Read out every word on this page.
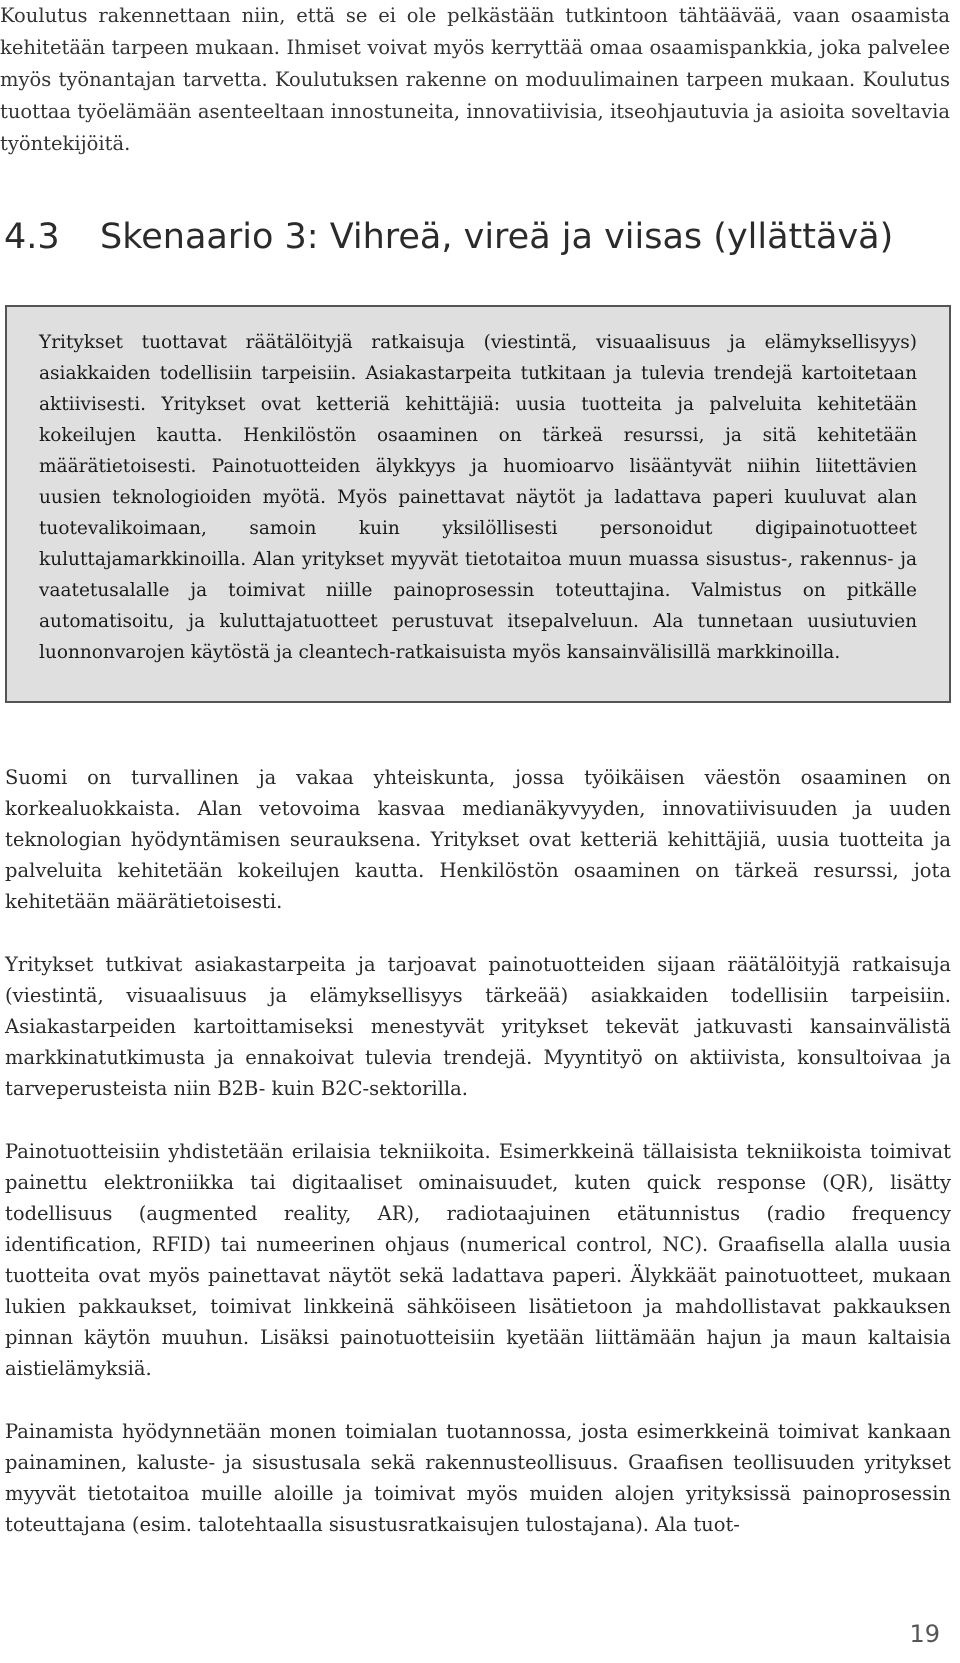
Koulutus rakennettaan niin, että se ei ole pelkästään tutkintoon tähtäävää, vaan osaamista kehitetään tarpeen mukaan. Ihmiset voivat myös kerryttää omaa osaamispankkia, joka palvelee myös työnantajan tarvetta. Koulutuksen rakenne on moduulimainen tarpeen mukaan. Koulutus tuottaa työelämään asenteeltaan innostuneita, innovatiivisia, itseohjautuvia ja asioita soveltavia työntekijöitä.

4.3 Skenaario 3: Vihreä, vireä ja viisas (yllättävä)

Yritykset tuottavat räätälöityjä ratkaisuja (viestintä, visuaalisuus ja elämyksellisyys) asiakkaiden todellisiin tarpeisiin. Asiakastarpeita tutkitaan ja tulevia trendejä kartoitetaan aktiivisesti. Yritykset ovat ketteriä kehittäjiä: uusia tuotteita ja palveluita kehitetään kokeilujen kautta. Henkilöstön osaaminen on tärkeä resurssi, ja sitä kehitetään määrätietoisesti. Painotuotteiden älykkyys ja huomioarvo lisääntyvät niihin liitettävien uusien teknologioiden myötä. Myös painettavat näytöt ja ladattava paperi kuuluvat alan tuotevalikoimaan, samoin kuin yksilöllisesti personoidut digipainotuotteet kuluttajamarkkinoilla. Alan yritykset myyvät tietotaitoa muun muassa sisustus-, rakennus- ja vaatetusalalle ja toimivat niille painoprosessin toteuttajina. Valmistus on pitkälle automatisoitu, ja kuluttajatuotteet perustuvat itsepalveluun. Ala tunnetaan uusiutuvien luonnonvarojen käytöstä ja cleantech-ratkaisuista myös kansainvälisillä markkinoilla.

Suomi on turvallinen ja vakaa yhteiskunta, jossa työikäisen väestön osaaminen on korkealuokkaista. Alan vetovoima kasvaa medianäkyvyyden, innovatiivisuuden ja uuden teknologian hyödyntämisen seurauksena. Yritykset ovat ketteriä kehittäjiä, uusia tuotteita ja palveluita kehitetään kokeilujen kautta. Henkilöstön osaaminen on tärkeä resurssi, jota kehitetään määrätietoisesti.

Yritykset tutkivat asiakastarpeita ja tarjoavat painotuotteiden sijaan räätälöityjä ratkaisuja (viestintä, visuaalisuus ja elämyksellisyys tärkeää) asiakkaiden todellisiin tarpeisiin. Asiakastarpeiden kartoittamiseksi menestyvät yritykset tekevät jatkuvasti kansainvälistä markkinatutkimusta ja ennakoivat tulevia trendejä. Myyntityö on aktiivista, konsultoivaa ja tarveperusteista niin B2B- kuin B2C-sektorilla.

Painotuotteisiin yhdistetään erilaisia tekniikoita. Esimerkkeinä tällaisista tekniikoista toimivat painettu elektroniikka tai digitaaliset ominaisuudet, kuten quick response (QR), lisätty todellisuus (augmented reality, AR), radiotaajuinen etätunnistus (radio frequency identification, RFID) tai numeerinen ohjaus (numerical control, NC). Graafisella alalla uusia tuotteita ovat myös painettavat näytöt sekä ladattava paperi. Älykkäät painotuotteet, mukaan lukien pakkaukset, toimivat linkkeinä sähköiseen lisätietoon ja mahdollistavat pakkauksen pinnan käytön muuhun. Lisäksi painotuotteisiin kyetään liittämään hajun ja maun kaltaisia aistielämyksiä.

Painamista hyödynnetään monen toimialan tuotannossa, josta esimerkkeinä toimivat kankaan painaminen, kaluste- ja sisustusala sekä rakennusteollisuus. Graafisen teollisuuden yritykset myyvät tietotaitoa muille aloille ja toimivat myös muiden alojen yrityksissä painoprosessin toteuttajana (esim. talotehtaalla sisustusratkaisujen tulostajana). Ala tuot-

19
